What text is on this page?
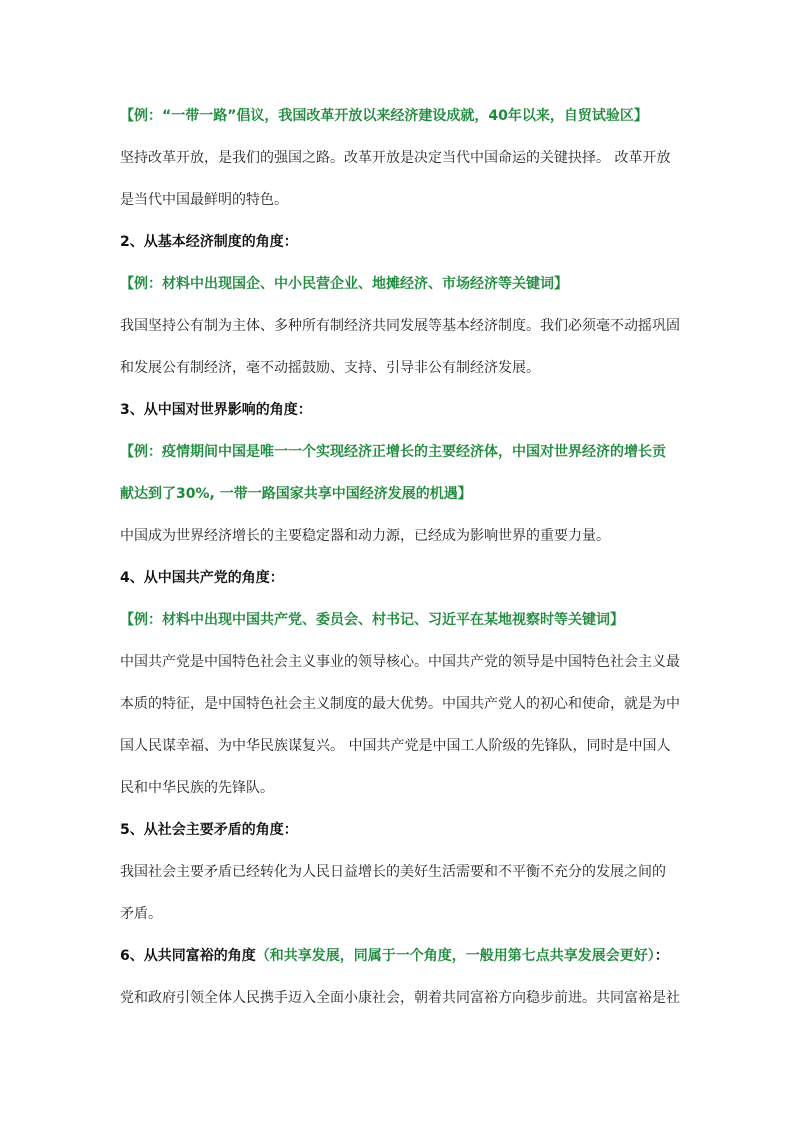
【例：“一带一路”倡议，我国改革开放以来经济建设成就，40年以来，自贸试验区】
坚持改革开放，是我们的强国之路。改革开放是决定当代中国命运的关键抉择。 改革开放
是当代中国最鲜明的特色。
2、从基本经济制度的角度：
【例：材料中出现国企、中小民营企业、地摊经济、市场经济等关键词】
我国坚持公有制为主体、多种所有制经济共同发展等基本经济制度。我们必须毫不动摇巩固
和发展公有制经济，毫不动摇鼓励、支持、引导非公有制经济发展。
3、从中国对世界影响的角度：
【例：疫情期间中国是唯一一个实现经济正增长的主要经济体，中国对世界经济的增长贡
献达到了30%, 一带一路国家共享中国经济发展的机遇】
中国成为世界经济增长的主要稳定器和动力源，已经成为影响世界的重要力量。
4、从中国共产党的角度：
【例：材料中出现中国共产党、委员会、村书记、习近平在某地视察时等关键词】
中国共产党是中国特色社会主义事业的领导核心。中国共产党的领导是中国特色社会主义最
本质的特征，是中国特色社会主义制度的最大优势。中国共产党人的初心和使命，就是为中
国人民谋幸福、为中华民族谋复兴。 中国共产党是中国工人阶级的先锋队，同时是中国人
民和中华民族的先锋队。
5、从社会主要矛盾的角度：
我国社会主要矛盾已经转化为人民日益增长的美好生活需要和不平衡不充分的发展之间的
矛盾。
6、从共同富裕的角度（和共享发展，同属于一个角度，一般用第七点共享发展会更好）：
党和政府引领全体人民携手迈入全面小康社会，朝着共同富裕方向稳步前进。共同富裕是社
